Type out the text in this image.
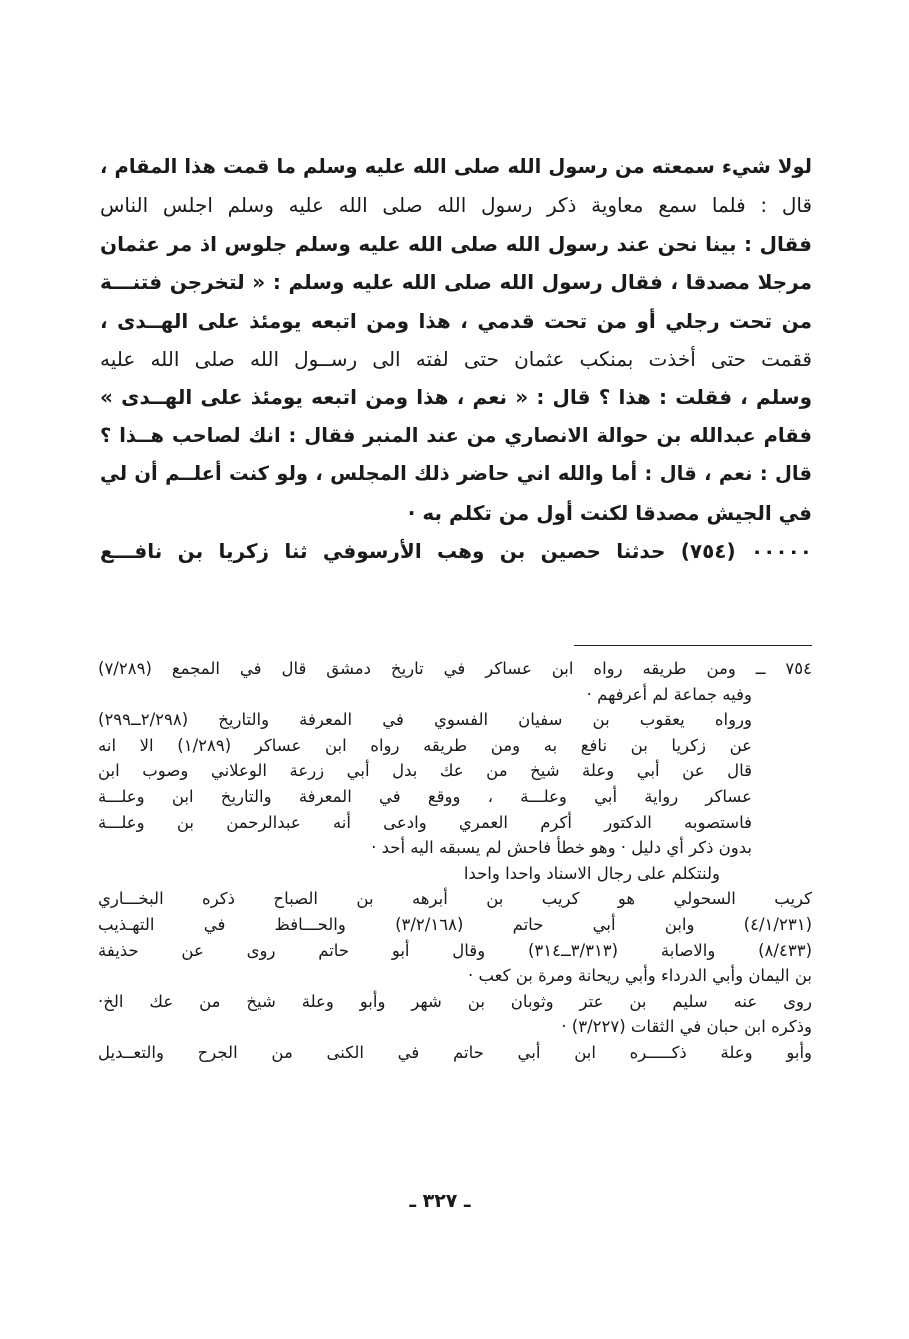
لولا شيء سمعته من رسول الله صلى الله عليه وسلم ما قمت هذا المقام ،
قال : فلما سمع معاوية ذكر رسول الله صلى الله عليه وسلم اجلس الناس
فقال : بينا نحن عند رسول الله صلى الله عليه وسلم جلوس اذ مر عثمان
مرجلا مصدقا ، فقال رسول الله صلى الله عليه وسلم : « لتخرجن فتنـــة
من تحت رجلي أو من تحت قدمي ، هذا ومن اتبعه يومئذ على الهــدى ،
ققمت حتى أخذت بمنكب عثمان حتى لفته الى رســول الله صلى الله عليه
وسلم ، فقلت : هذا ؟ قال : « نعم ، هذا ومن اتبعه يومئذ على الهــدى »
فقام عبدالله بن حوالة الانصاري من عند المنبر فقال : انك لصاحب هــذا ؟
قال : نعم ، قال : أما والله اني حاضر ذلك المجلس ، ولو كنت أعلــم أن لي
في الجيش مصدقا لكنت أول من تكلم به ·
٠٠٠٠٠ (٧٥٤) حدثنا حصين بن وهب الأرسوفي ثنا زكريا بن نافـــع
٧٥٤ ــ ومن طريقه رواه ابن عساكر في تاريخ دمشق قال في المجمع (٧/٢٨٩)
وفيه جماعة لم أعرفهم ·
ورواه يعقوب بن سفيان الفسوي في المعرفة والتاريخ (٢/٢٩٨ــ٢٩٩)
عن زكريا بن نافع به ومن طريقه رواه ابن عساكر (١/٢٨٩) الا انه
قال عن أبي وعلة شيخ من عك بدل أبي زرعة الوعلاني وصوب ابن
عساكر رواية أبي وعلـــة ، ووقع في المعرفة والتاريخ ابن وعلـــة
فاستصوبه الدكتور أكرم العمري وادعى أنه عبدالرحمن بن وعلـــة
بدون ذكر أي دليل · وهو خطأ فاحش لم يسبقه اليه أحد ·
ولنتكلم على رجال الاسناد واحدا واحدا
كريب السحولي هو كريب بن أبرهه بن الصباح ذكره البخـــاري
(٤/١/٢٣١) وابن أبي حاتم (٣/٢/١٦٨) والحـــافظ في التهـذيب
(٨/٤٣٣) والاصابة (٣/٣١٣ــ٣١٤) وقال أبو حاتم روى عن حذيفة
بن اليمان وأبي الدرداء وأبي ريحانة ومرة بن كعب ·
روى عنه سليم بن عتر وثوبان بن شهر وأبو وعلة شيخ من عك الخ·
وذكره ابن حبان في الثقات (٣/٢٢٧) ·
وأبو وعلة ذكـــــره ابن أبي حاتم في الكنى من الجرح والتعــديل
ـ ٣٢٧ ـ
